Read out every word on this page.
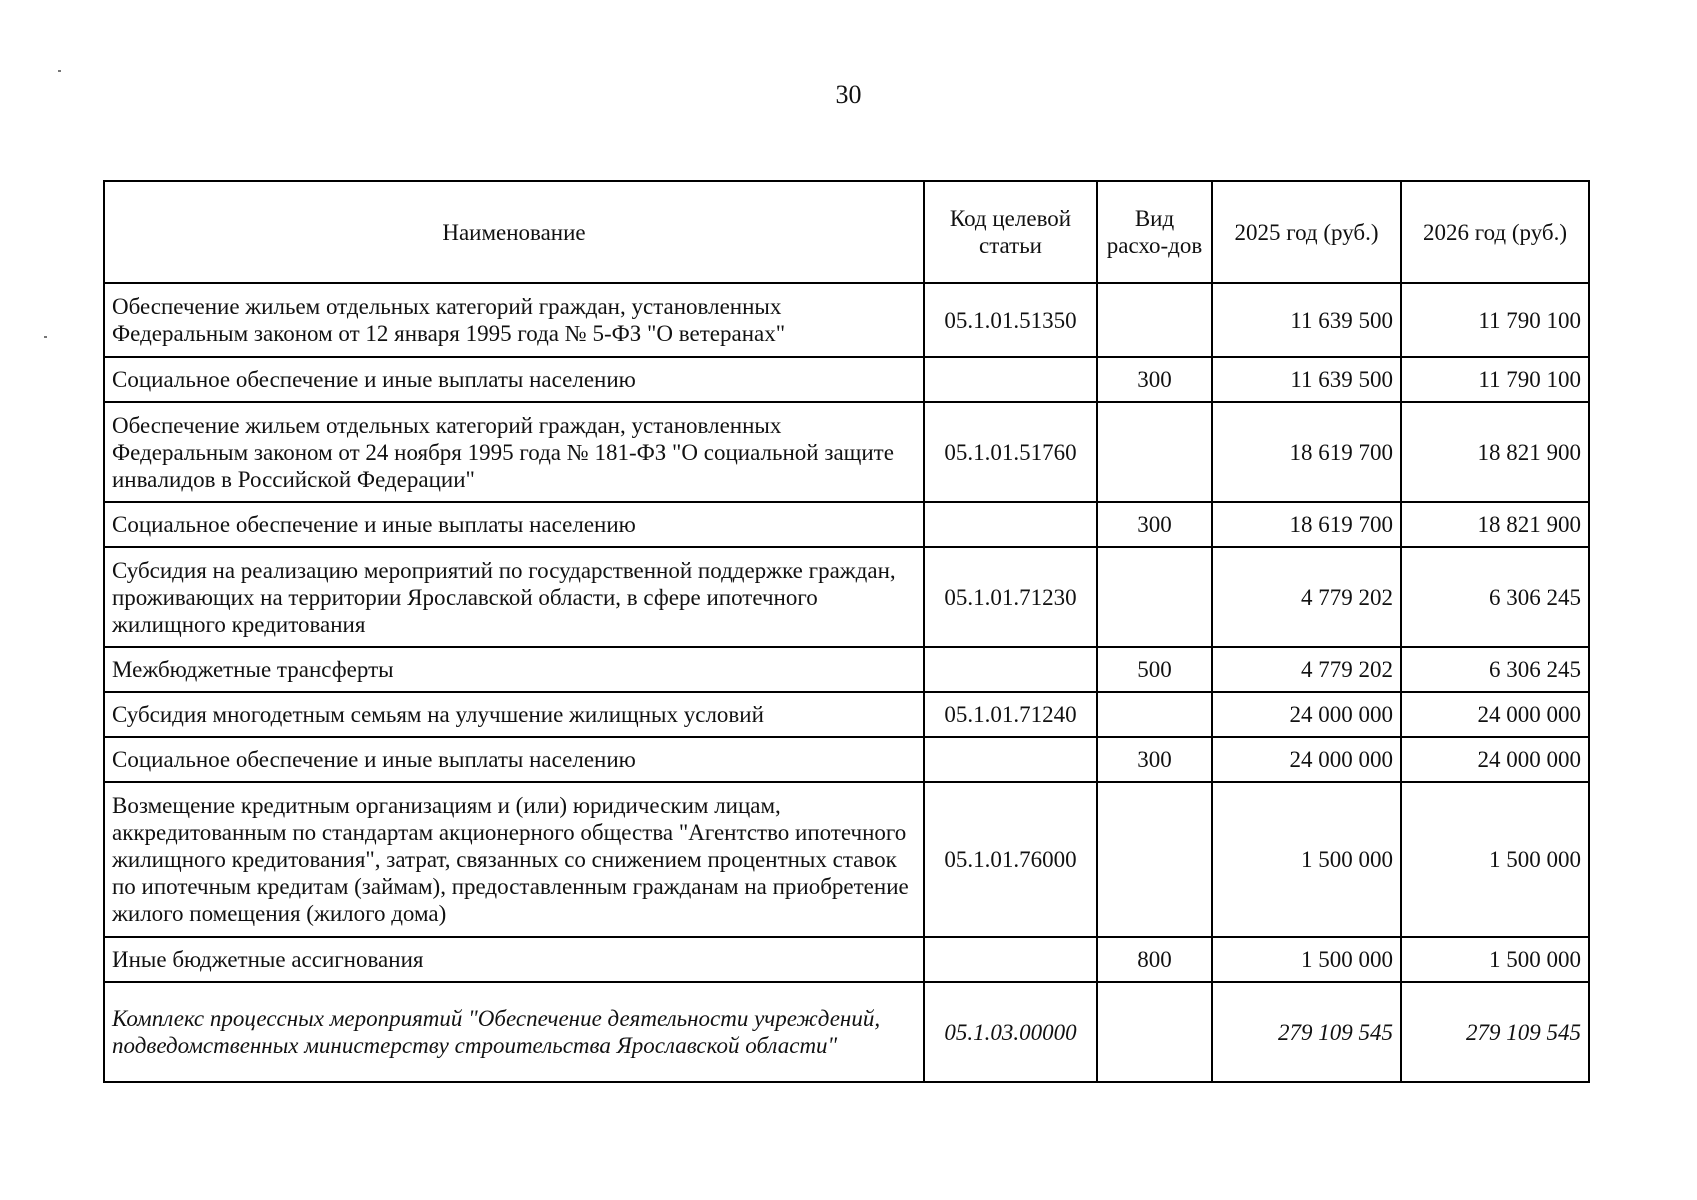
30
Наименование	Код целевой статьи	Вид расхо-дов	2025 год (руб.)	2026 год (руб.)
Обеспечение жильем отдельных категорий граждан, установленных Федеральным законом от 12 января 1995 года № 5-ФЗ "О ветеранах"	05.1.01.51350		11 639 500	11 790 100
Социальное обеспечение и иные выплаты населению		300	11 639 500	11 790 100
Обеспечение жильем отдельных категорий граждан, установленных Федеральным законом от 24 ноября 1995 года № 181-ФЗ "О социальной защите инвалидов в Российской Федерации"	05.1.01.51760		18 619 700	18 821 900
Социальное обеспечение и иные выплаты населению		300	18 619 700	18 821 900
Субсидия на реализацию мероприятий по государственной поддержке граждан, проживающих на территории Ярославской области, в сфере ипотечного жилищного кредитования	05.1.01.71230		4 779 202	6 306 245
Межбюджетные трансферты		500	4 779 202	6 306 245
Субсидия многодетным семьям на улучшение жилищных условий	05.1.01.71240		24 000 000	24 000 000
Социальное обеспечение и иные выплаты населению		300	24 000 000	24 000 000
Возмещение кредитным организациям и (или) юридическим лицам, аккредитованным по стандартам акционерного общества "Агентство ипотечного жилищного кредитования", затрат, связанных со снижением процентных ставок по ипотечным кредитам (займам), предоставленным гражданам на приобретение жилого помещения (жилого дома)	05.1.01.76000		1 500 000	1 500 000
Иные бюджетные ассигнования		800	1 500 000	1 500 000
Комплекс процессных мероприятий "Обеспечение деятельности учреждений, подведомственных министерству строительства Ярославской области"	05.1.03.00000		279 109 545	279 109 545
